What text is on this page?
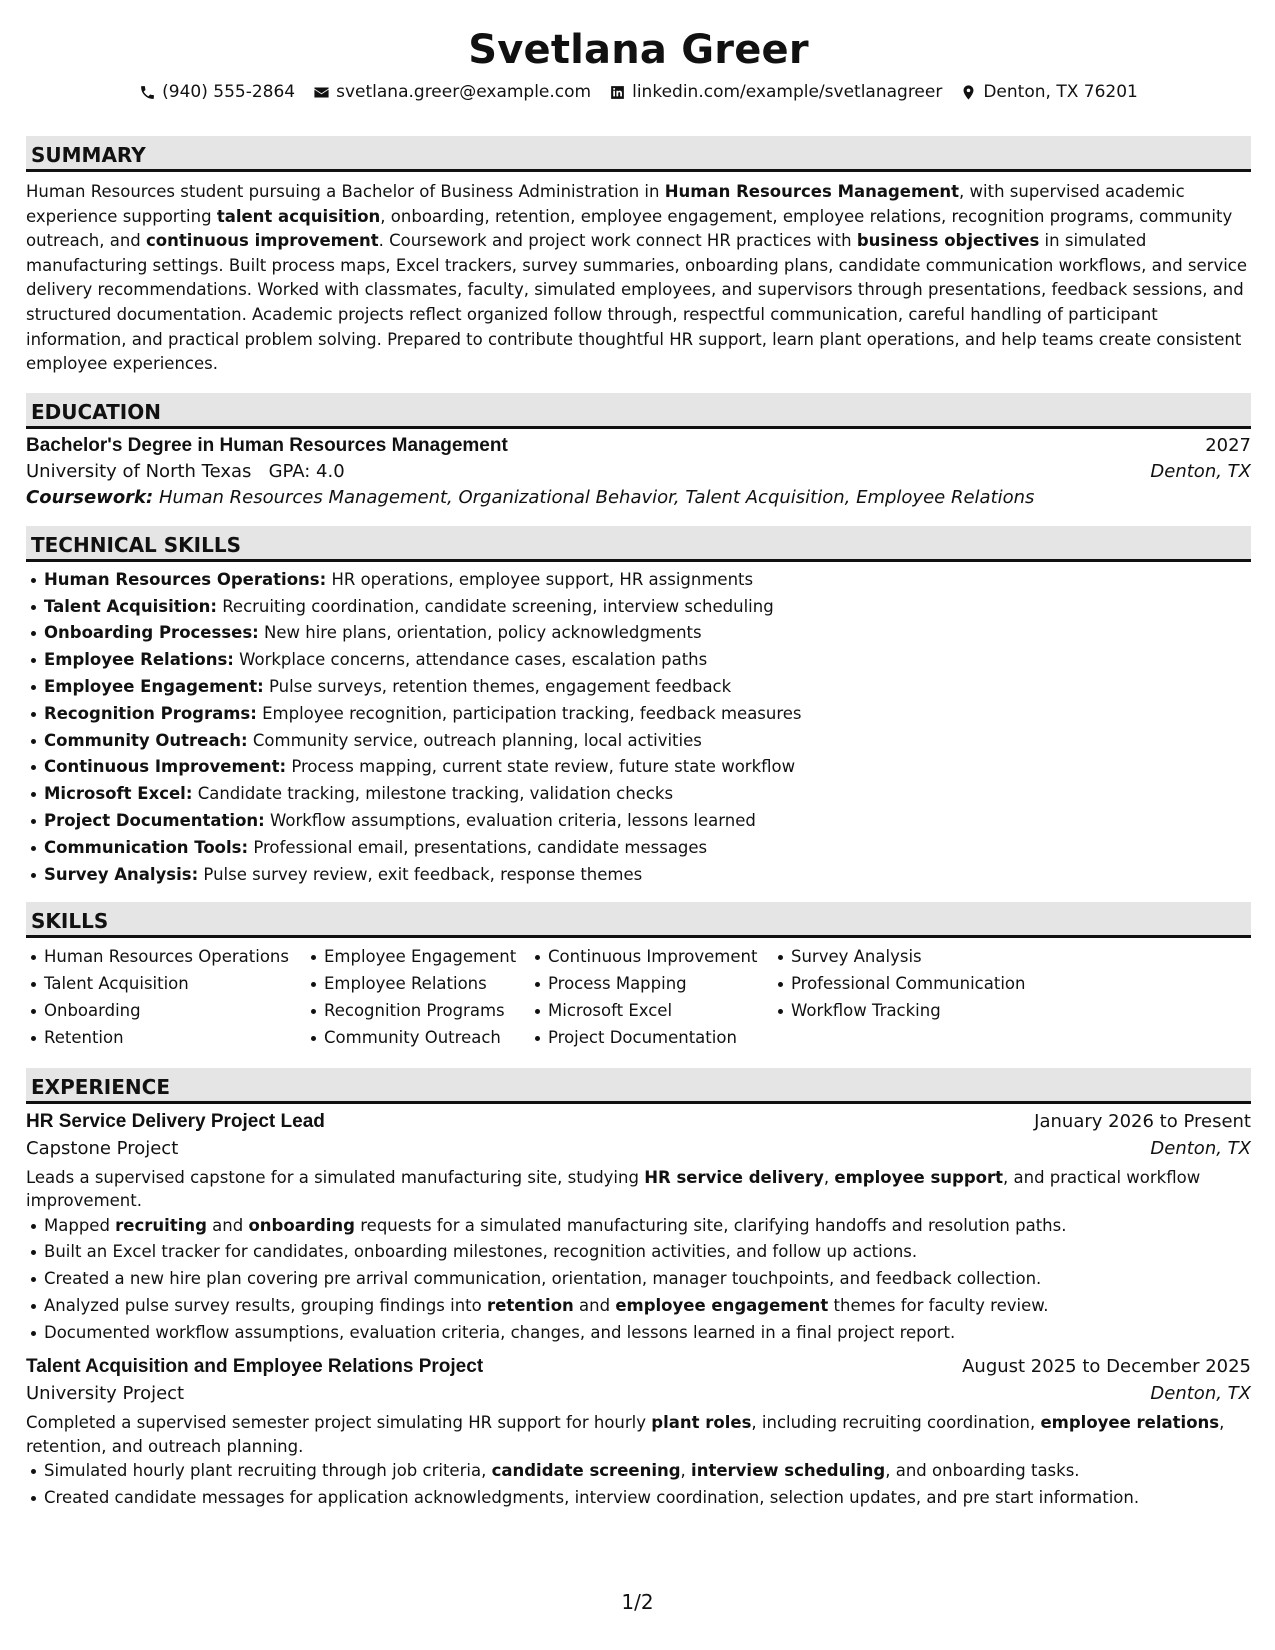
Svetlana Greer
(940) 555-2864 svetlana.greer@example.com linkedin.com/example/svetlanagreer Denton, TX 76201
SUMMARY

Human Resources student pursuing a Bachelor of Business Administration in Human Resources Management, with supervised academic experience supporting talent acquisition, onboarding, retention, employee engagement, employee relations, recognition programs, community outreach, and continuous improvement. Coursework and project work connect HR practices with business objectives in simulated manufacturing settings. Built process maps, Excel trackers, survey summaries, onboarding plans, candidate communication workflows, and service delivery recommendations. Worked with classmates, faculty, simulated employees, and supervisors through presentations, feedback sessions, and structured documentation. Academic projects reflect organized follow through, respectful communication, careful handling of participant information, and practical problem solving. Prepared to contribute thoughtful HR support, learn plant operations, and help teams create consistent employee experiences.

EDUCATION
Bachelor's Degree in Human Resources Management	2027
University of North Texas GPA: 4.0	Denton, TX
Coursework: Human Resources Management, Organizational Behavior, Talent Acquisition, Employee Relations
TECHNICAL SKILLS
Human Resources Operations: HR operations, employee support, HR assignments
Talent Acquisition: Recruiting coordination, candidate screening, interview scheduling
Onboarding Processes: New hire plans, orientation, policy acknowledgments
Employee Relations: Workplace concerns, attendance cases, escalation paths
Employee Engagement: Pulse surveys, retention themes, engagement feedback
Recognition Programs: Employee recognition, participation tracking, feedback measures
Community Outreach: Community service, outreach planning, local activities
Continuous Improvement: Process mapping, current state review, future state workflow
Microsoft Excel: Candidate tracking, milestone tracking, validation checks
Project Documentation: Workflow assumptions, evaluation criteria, lessons learned
Communication Tools: Professional email, presentations, candidate messages
Survey Analysis: Pulse survey review, exit feedback, response themes
SKILLS
Human Resources Operations
Talent Acquisition
Onboarding
Retention
Employee Engagement
Employee Relations
Recognition Programs
Community Outreach
Continuous Improvement
Process Mapping
Microsoft Excel
Project Documentation
Survey Analysis
Professional Communication
Workflow Tracking
EXPERIENCE
HR Service Delivery Project Lead	January 2026 to Present
Capstone Project	Denton, TX

Leads a supervised capstone for a simulated manufacturing site, studying HR service delivery, employee support, and practical workflow improvement.

Mapped recruiting and onboarding requests for a simulated manufacturing site, clarifying handoffs and resolution paths.
Built an Excel tracker for candidates, onboarding milestones, recognition activities, and follow up actions.
Created a new hire plan covering pre arrival communication, orientation, manager touchpoints, and feedback collection.
Analyzed pulse survey results, grouping findings into retention and employee engagement themes for faculty review.
Documented workflow assumptions, evaluation criteria, changes, and lessons learned in a final project report.
Talent Acquisition and Employee Relations Project	August 2025 to December 2025
University Project	Denton, TX

Completed a supervised semester project simulating HR support for hourly plant roles, including recruiting coordination, employee relations, retention, and outreach planning.

Simulated hourly plant recruiting through job criteria, candidate screening, interview scheduling, and onboarding tasks.
Created candidate messages for application acknowledgments, interview coordination, selection updates, and pre start information.
1/2
